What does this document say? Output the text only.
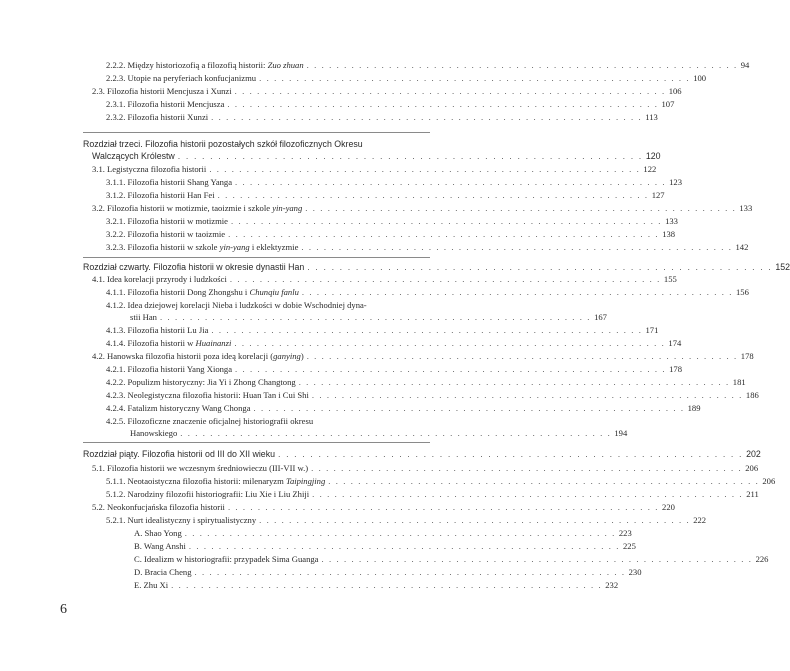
2.2.2. Między historiozofią a filozofią historii: Zuo zhuan . . . . . . . . . . . . . . . . . . . . . . . . . . . . . . . . . . . . . . . . . . . . . . . . . . . . . . . . . . 94
2.2.3. Utopie na peryferiach konfucjanizmu . . . . . . . . . . . . . . . . . . . . . . . . . . . . . . . . . . . . . . . . . . . . . . . . . . . . . . . . . . 100
2.3. Filozofia historii Mencjusza i Xunzi . . . . . . . . . . . . . . . . . . . . . . . . . . . . . . . . . . . . . . . . . . . . . . . . . . . . . . . . . . 106
2.3.1. Filozofia historii Mencjusza . . . . . . . . . . . . . . . . . . . . . . . . . . . . . . . . . . . . . . . . . . . . . . . . . . . . . . . . . . 107
2.3.2. Filozofia historii Xunzi . . . . . . . . . . . . . . . . . . . . . . . . . . . . . . . . . . . . . . . . . . . . . . . . . . . . . . . . . . 113
Rozdział trzeci. Filozofia historii pozostałych szkół filozoficznych Okresu
Walczących Królestw . . . . . . . . . . . . . . . . . . . . . . . . . . . . . . . . . . . . . . . . . . . . . . . . . . . . . . . . . . 120
3.1. Legistyczna filozofia historii . . . . . . . . . . . . . . . . . . . . . . . . . . . . . . . . . . . . . . . . . . . . . . . . . . . . . . . . . . 122
3.1.1. Filozofia historii Shang Yanga . . . . . . . . . . . . . . . . . . . . . . . . . . . . . . . . . . . . . . . . . . . . . . . . . . . . . . . . . . 123
3.1.2. Filozofia historii Han Fei . . . . . . . . . . . . . . . . . . . . . . . . . . . . . . . . . . . . . . . . . . . . . . . . . . . . . . . . . . 127
3.2. Filozofia historii w motizmie, taoizmie i szkole yin-yang . . . . . . . . . . . . . . . . . . . . . . . . . . . . . . . . . . . . . . . . . . . . . . . . . . . . . . . . . . 133
3.2.1. Filozofia historii w motizmie . . . . . . . . . . . . . . . . . . . . . . . . . . . . . . . . . . . . . . . . . . . . . . . . . . . . . . . . . . 133
3.2.2. Filozofia historii w taoizmie . . . . . . . . . . . . . . . . . . . . . . . . . . . . . . . . . . . . . . . . . . . . . . . . . . . . . . . . . . 138
3.2.3. Filozofia historii w szkole yin-yang i eklektyzmie . . . . . . . . . . . . . . . . . . . . . . . . . . . . . . . . . . . . . . . . . . . . . . . . . . . . . . . . . . 142
Rozdział czwarty. Filozofia historii w okresie dynastii Han . . . . . . . . . . . . . . . . . . . . . . . . . . . . . . . . . . . . . . . . . . . . . . . . . . . . . . . . . . 152
4.1. Idea korelacji przyrody i ludzkości . . . . . . . . . . . . . . . . . . . . . . . . . . . . . . . . . . . . . . . . . . . . . . . . . . . . . . . . . . 155
4.1.1. Filozofia historii Dong Zhongshu i Chunqiu fanlu . . . . . . . . . . . . . . . . . . . . . . . . . . . . . . . . . . . . . . . . . . . . . . . . . . . . . . . . . . 156
4.1.2. Idea dziejowej korelacji Nieba i ludzkości w dobie Wschodniej dyna-
stii Han . . . . . . . . . . . . . . . . . . . . . . . . . . . . . . . . . . . . . . . . . . . . . . . . . . . . . . . . . . 167
4.1.3. Filozofia historii Lu Jia . . . . . . . . . . . . . . . . . . . . . . . . . . . . . . . . . . . . . . . . . . . . . . . . . . . . . . . . . . 171
4.1.4. Filozofia historii w Huainanzi . . . . . . . . . . . . . . . . . . . . . . . . . . . . . . . . . . . . . . . . . . . . . . . . . . . . . . . . . . 174
4.2. Hanowska filozofia historii poza ideą korelacji (ganying) . . . . . . . . . . . . . . . . . . . . . . . . . . . . . . . . . . . . . . . . . . . . . . . . . . . . . . . . . . 178
4.2.1. Filozofia historii Yang Xionga . . . . . . . . . . . . . . . . . . . . . . . . . . . . . . . . . . . . . . . . . . . . . . . . . . . . . . . . . . 178
4.2.2. Populizm historyczny: Jia Yi i Zhong Changtong . . . . . . . . . . . . . . . . . . . . . . . . . . . . . . . . . . . . . . . . . . . . . . . . . . . . . . . . . . 181
4.2.3. Neolegistyczna filozofia historii: Huan Tan i Cui Shi . . . . . . . . . . . . . . . . . . . . . . . . . . . . . . . . . . . . . . . . . . . . . . . . . . . . . . . . . . 186
4.2.4. Fatalizm historyczny Wang Chonga . . . . . . . . . . . . . . . . . . . . . . . . . . . . . . . . . . . . . . . . . . . . . . . . . . . . . . . . . . 189
4.2.5. Filozoficzne znaczenie oficjalnej historiografii okresu
Hanowskiego . . . . . . . . . . . . . . . . . . . . . . . . . . . . . . . . . . . . . . . . . . . . . . . . . . . . . . . . . . 194
Rozdział piąty. Filozofia historii od III do XII wieku . . . . . . . . . . . . . . . . . . . . . . . . . . . . . . . . . . . . . . . . . . . . . . . . . . . . . . . . . . 202
5.1. Filozofia historii we wczesnym średniowieczu (III-VII w.) . . . . . . . . . . . . . . . . . . . . . . . . . . . . . . . . . . . . . . . . . . . . . . . . . . . . . . . . . . 206
5.1.1. Neotaoistyczna filozofia historii: milenaryzm Taipingjing . . . . . . . . . . . . . . . . . . . . . . . . . . . . . . . . . . . . . . . . . . . . . . . . . . . . . . . . . . 206
5.1.2. Narodziny filozofii historiografii: Liu Xie i Liu Zhiji . . . . . . . . . . . . . . . . . . . . . . . . . . . . . . . . . . . . . . . . . . . . . . . . . . . . . . . . . . 211
5.2. Neokonfucjańska filozofia historii . . . . . . . . . . . . . . . . . . . . . . . . . . . . . . . . . . . . . . . . . . . . . . . . . . . . . . . . . . 220
5.2.1. Nurt idealistyczny i spirytualistyczny . . . . . . . . . . . . . . . . . . . . . . . . . . . . . . . . . . . . . . . . . . . . . . . . . . . . . . . . . . 222
A. Shao Yong . . . . . . . . . . . . . . . . . . . . . . . . . . . . . . . . . . . . . . . . . . . . . . . . . . . . . . . . . . 223
B. Wang Anshi . . . . . . . . . . . . . . . . . . . . . . . . . . . . . . . . . . . . . . . . . . . . . . . . . . . . . . . . . . 225
C. Idealizm w historiografii: przypadek Sima Guanga . . . . . . . . . . . . . . . . . . . . . . . . . . . . . . . . . . . . . . . . . . . . . . . . . . . . . . . . . . 226
D. Bracia Cheng . . . . . . . . . . . . . . . . . . . . . . . . . . . . . . . . . . . . . . . . . . . . . . . . . . . . . . . . . . 230
E. Zhu Xi . . . . . . . . . . . . . . . . . . . . . . . . . . . . . . . . . . . . . . . . . . . . . . . . . . . . . . . . . . 232
6
